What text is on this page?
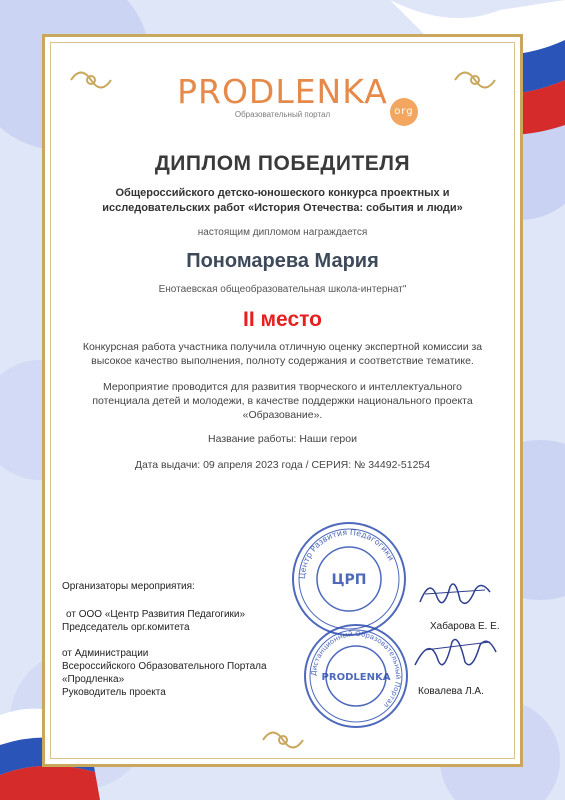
PRODLENKA
org
Образовательный портал
ДИПЛОМ ПОБЕДИТЕЛЯ
Общероссийского детско-юношеского конкурса проектных и
исследовательских работ «История Отечества: события и люди»
настоящим дипломом награждается
Пономарева Мария
Енотаевская общеобразовательная школа-интернат"
II место
Конкурсная работа участника получила отличную оценку экспертной комиссии за
высокое качество выполнения, полноту содержания и соответствие тематике.
Мероприятие проводится для развития творческого и интеллектуального
потенциала детей и молодежи, в качестве поддержки национального проекта
«Образование».
Название работы: Наши герои
Дата выдачи: 09 апреля 2023 года / СЕРИЯ: № 34492-51254
Центр Развития Педагогики
ЦРП
Дистанционный Образовательный Портал
PRODLENKA
Организаторы мероприятия:
от ООО «Центр Развития Педагогики»
Председатель орг.комитета	Хабарова Е. Е.
от Администрации
Всероссийского Образовательного Портала
«Продленка»
Руководитель проекта	Ковалева Л.А.
